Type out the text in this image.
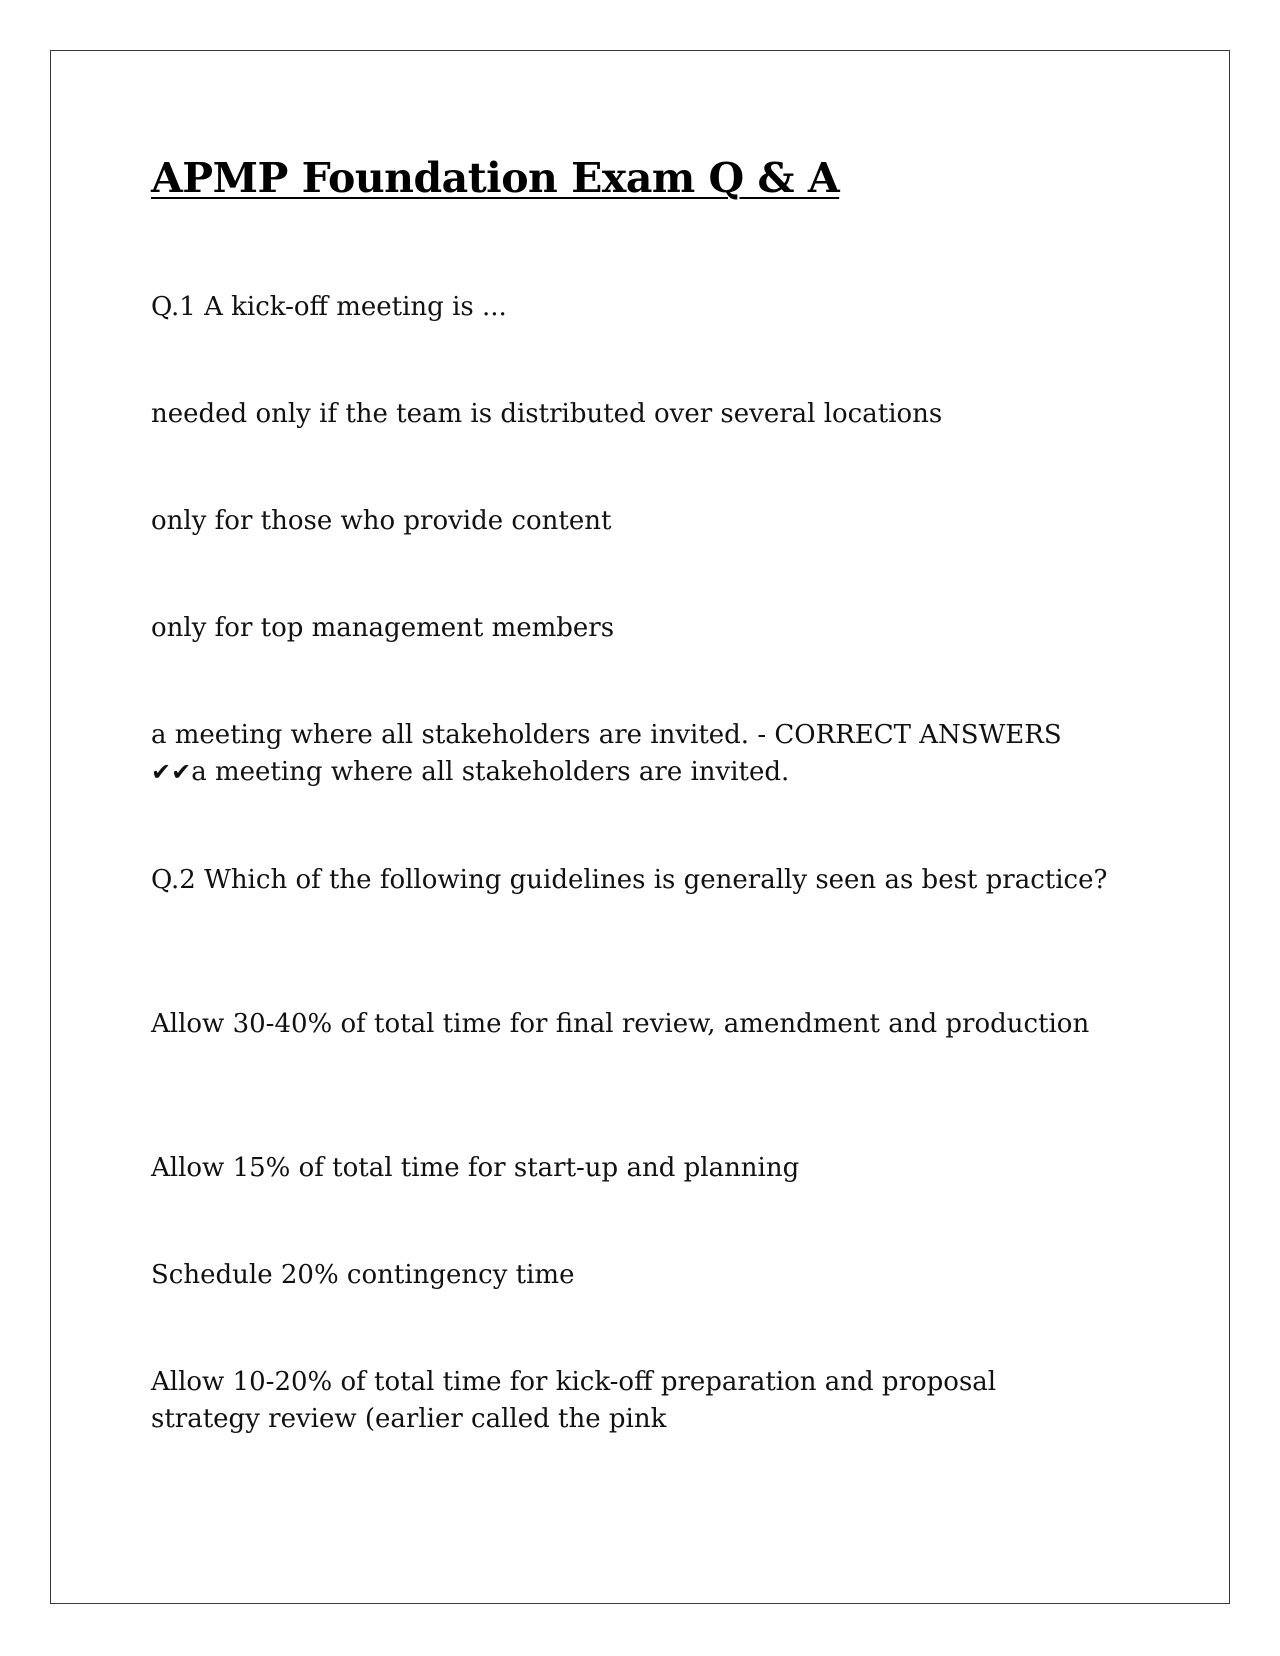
APMP Foundation Exam Q & A

Q.1 A kick-off meeting is ...

needed only if the team is distributed over several locations

only for those who provide content

only for top management members

a meeting where all stakeholders are invited. - CORRECT ANSWERS
✔✔a meeting where all stakeholders are invited.

Q.2 Which of the following guidelines is generally seen as best practice?

Allow 30-40% of total time for final review, amendment and production

Allow 15% of total time for start-up and planning

Schedule 20% contingency time

Allow 10-20% of total time for kick-off preparation and proposal strategy review (earlier called the pink
